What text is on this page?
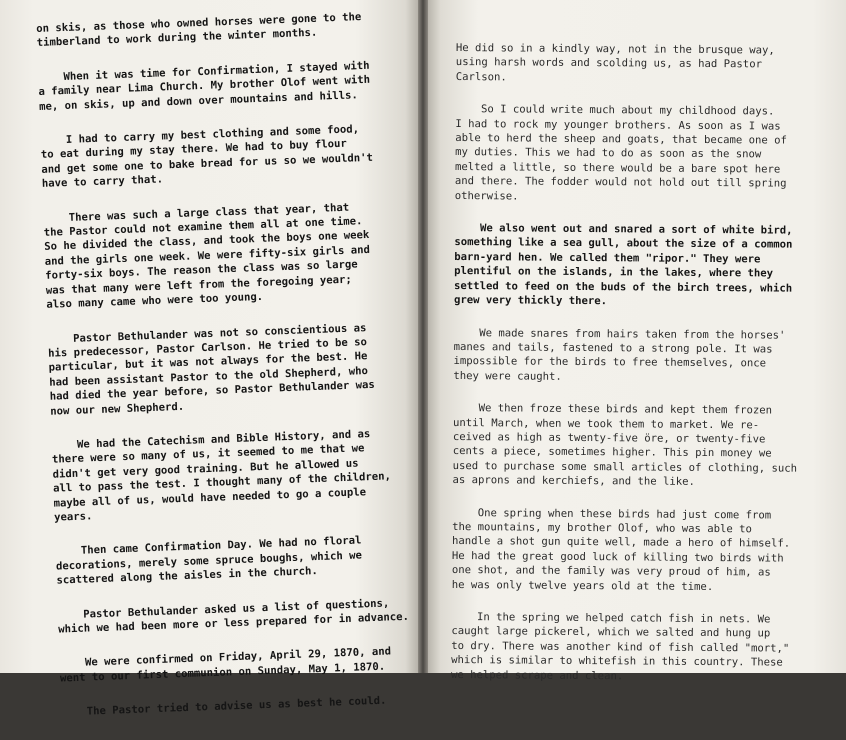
on skis, as those who owned horses were gone to the
timberland to work during the winter months.

When it was time for Confirmation, I stayed with
a family near Lima Church. My brother Olof went with
me, on skis, up and down over mountains and hills.

I had to carry my best clothing and some food,
to eat during my stay there. We had to buy flour
and get some one to bake bread for us so we wouldn't
have to carry that.

There was such a large class that year, that
the Pastor could not examine them all at one time.
So he divided the class, and took the boys one week
and the girls one week. We were fifty-six girls and
forty-six boys. The reason the class was so large
was that many were left from the foregoing year;
also many came who were too young.

Pastor Bethulander was not so conscientious as
his predecessor, Pastor Carlson. He tried to be so
particular, but it was not always for the best. He
had been assistant Pastor to the old Shepherd, who
had died the year before, so Pastor Bethulander was
now our new Shepherd.

We had the Catechism and Bible History, and as
there were so many of us, it seemed to me that we
didn't get very good training. But he allowed us
all to pass the test. I thought many of the children,
maybe all of us, would have needed to go a couple
years.

Then came Confirmation Day. We had no floral
decorations, merely some spruce boughs, which we
scattered along the aisles in the church.

Pastor Bethulander asked us a list of questions,
which we had been more or less prepared for in advance.

We were confirmed on Friday, April 29, 1870, and
went to our first communion on Sunday, May 1, 1870.

The Pastor tried to advise us as best he could.

He did so in a kindly way, not in the brusque way,
using harsh words and scolding us, as had Pastor
Carlson.

So I could write much about my childhood days.
I had to rock my younger brothers. As soon as I was
able to herd the sheep and goats, that became one of
my duties. This we had to do as soon as the snow
melted a little, so there would be a bare spot here
and there. The fodder would not hold out till spring
otherwise.

We also went out and snared a sort of white bird,
something like a sea gull, about the size of a common
barn-yard hen. We called them "ripor." They were
plentiful on the islands, in the lakes, where they
settled to feed on the buds of the birch trees, which
grew very thickly there.

We made snares from hairs taken from the horses'
manes and tails, fastened to a strong pole. It was
impossible for the birds to free themselves, once
they were caught.

We then froze these birds and kept them frozen
until March, when we took them to market. We re-
ceived as high as twenty-five öre, or twenty-five
cents a piece, sometimes higher. This pin money we
used to purchase some small articles of clothing, such
as aprons and kerchiefs, and the like.

One spring when these birds had just come from
the mountains, my brother Olof, who was able to
handle a shot gun quite well, made a hero of himself.
He had the great good luck of killing two birds with
one shot, and the family was very proud of him, as
he was only twelve years old at the time.

In the spring we helped catch fish in nets. We
caught large pickerel, which we salted and hung up
to dry. There was another kind of fish called "mort,"
which is similar to whitefish in this country. These
we helped scrape and clean.
